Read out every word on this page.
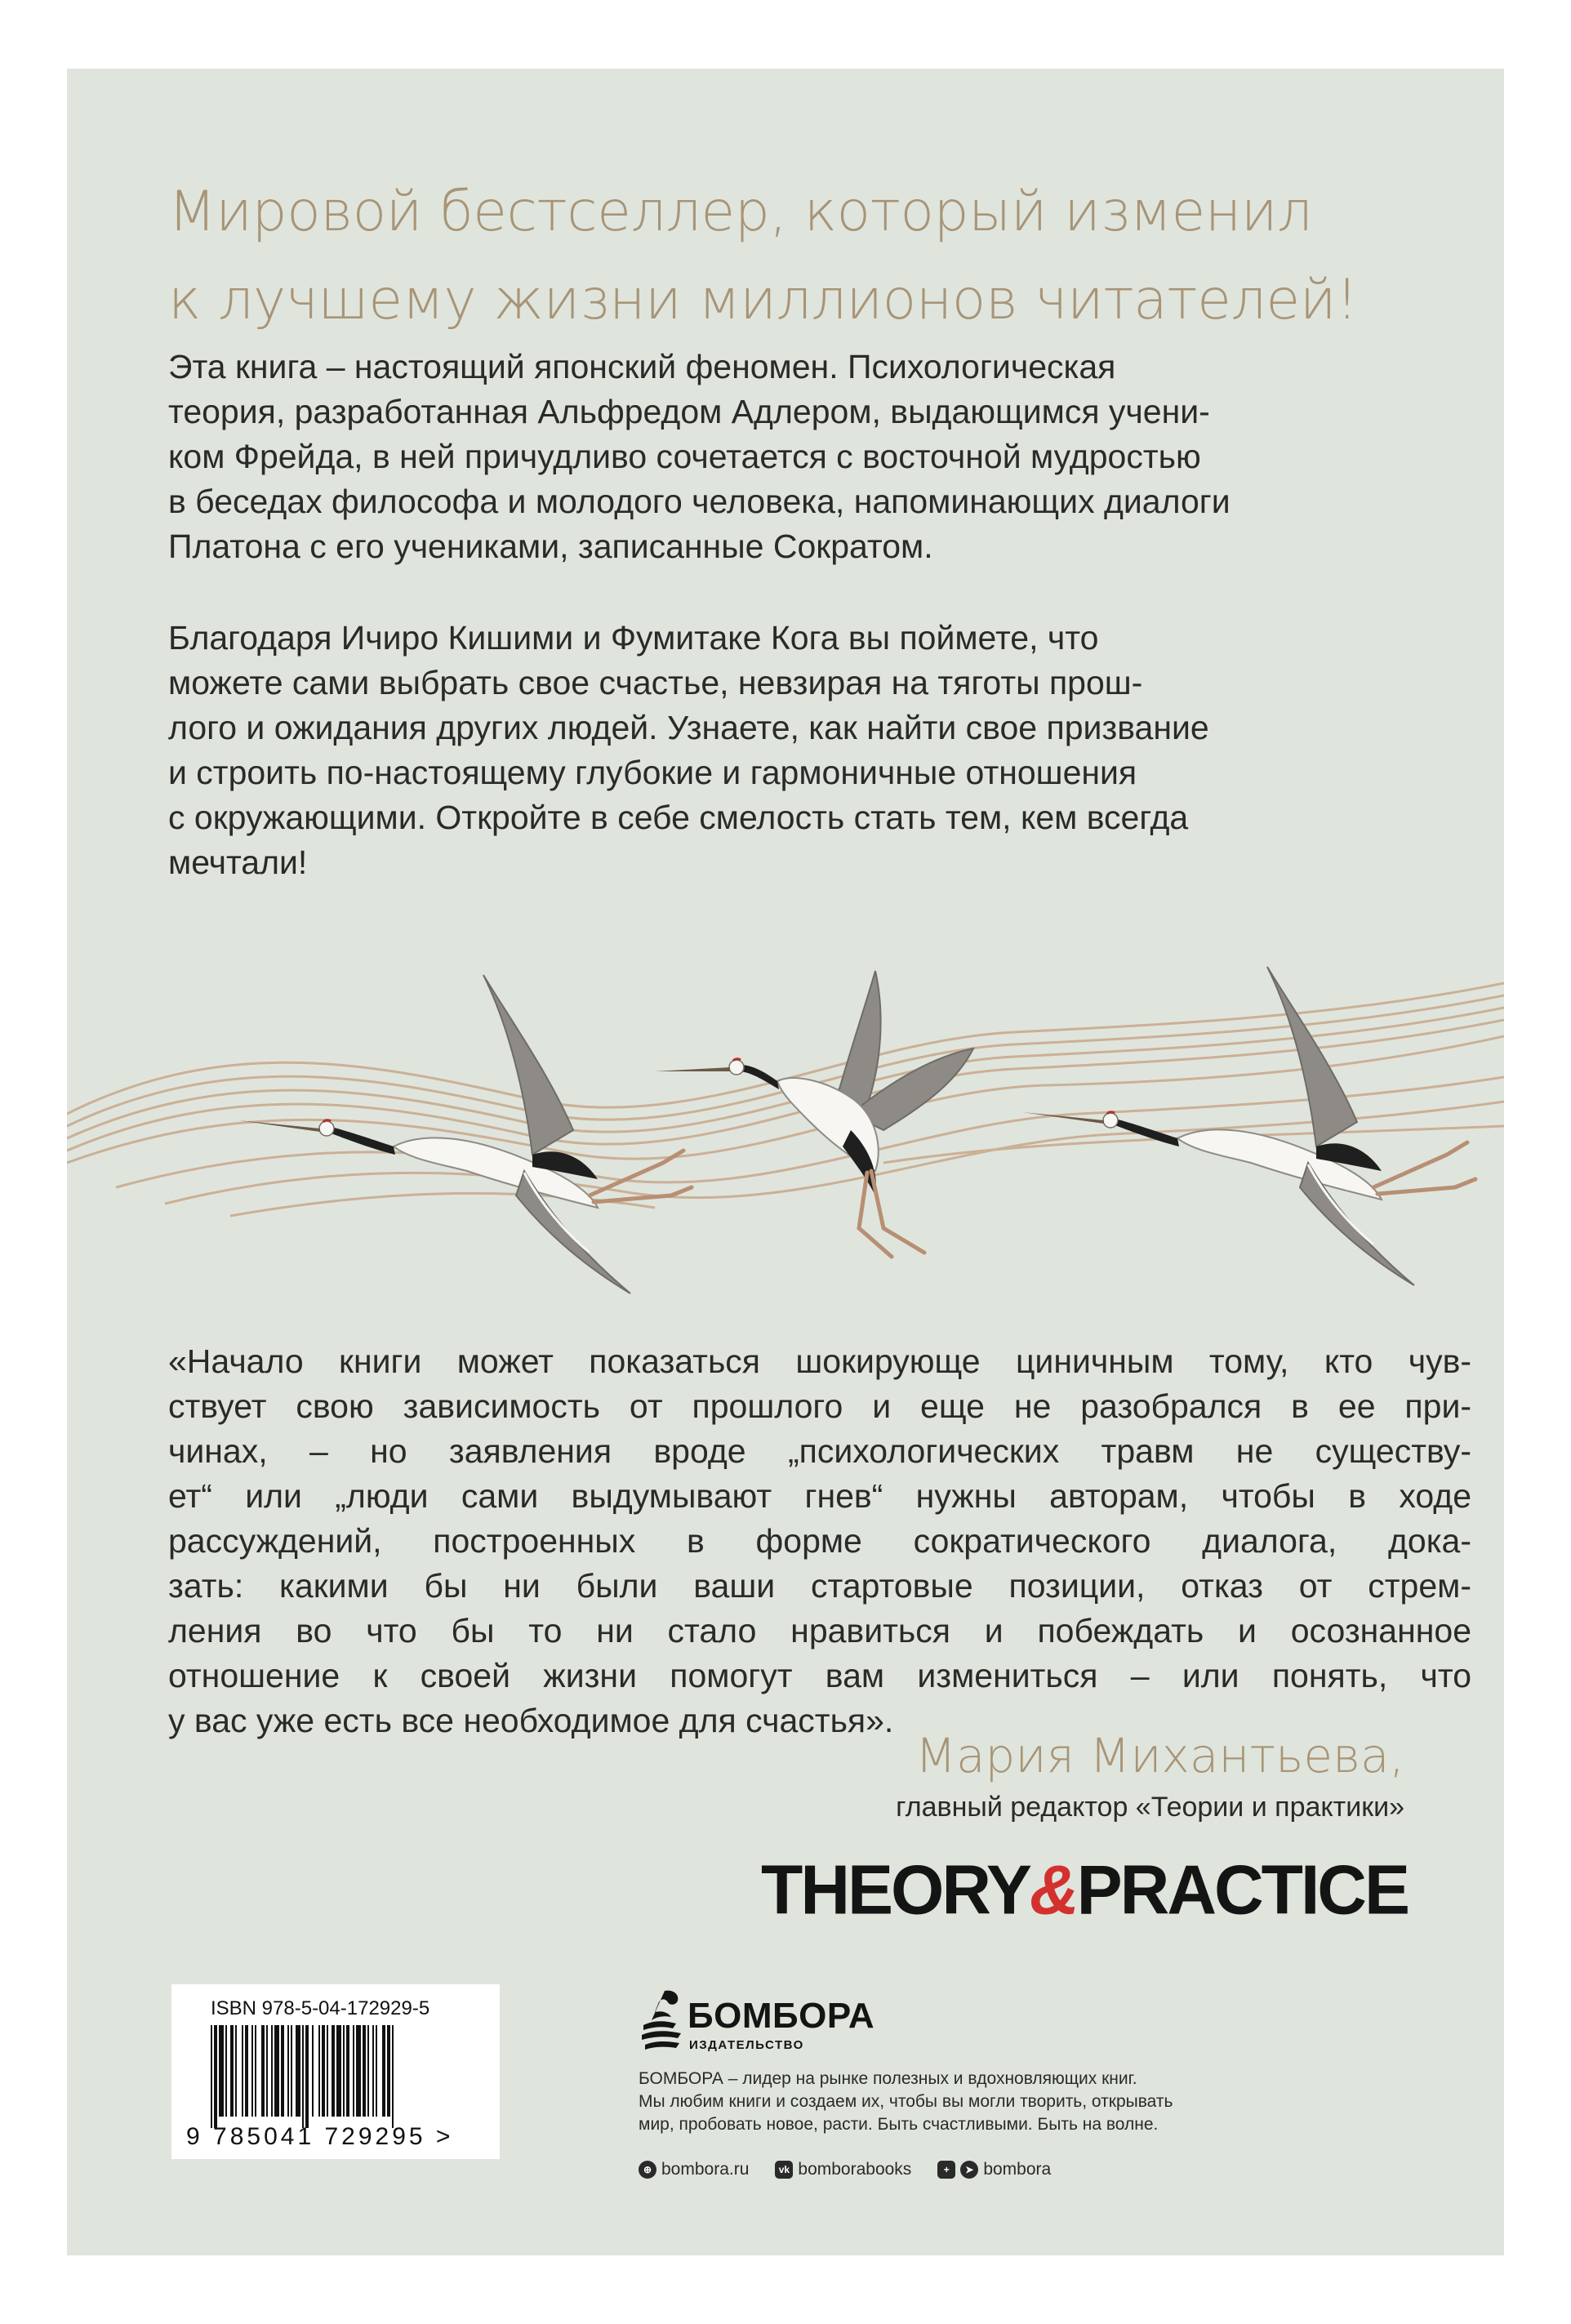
Мировой бестселлер, который изменил
к лучшему жизни миллионов читателей!
Эта книга – настоящий японский феномен. Психологическая
теория, разработанная Альфредом Адлером, выдающимся учени-
ком Фрейда, в ней причудливо сочетается с восточной мудростью
в беседах философа и молодого человека, напоминающих диалоги
Платона с его учениками, записанные Сократом.
Благодаря Ичиро Кишими и Фумитаке Кога вы поймете, что
можете сами выбрать свое счастье, невзирая на тяготы прош-
лого и ожидания других людей. Узнаете, как найти свое призвание
и строить по-настоящему глубокие и гармоничные отношения
с окружающими. Откройте в себе смелость стать тем, кем всегда
мечтали!
«Начало книги может показаться шокирующе циничным тому, кто чув-
ствует свою зависимость от прошлого и еще не разобрался в ее при-
чинах, – но заявления вроде „психологических травм не существу-
ет“ или „люди сами выдумывают гнев“ нужны авторам, чтобы в ходе
рассуждений, построенных в форме сократического диалога, дока-
зать: какими бы ни были ваши стартовые позиции, отказ от стрем-
ления во что бы то ни стало нравиться и побеждать и осознанное
отношение к своей жизни помогут вам измениться – или понять, что
у вас уже есть все необходимое для счастья».
Мария Михантьева,
главный редактор «Теории и практики»
THEORY&PRACTICE
ISBN 978-5-04-172929-5
9 785041 729295 >
БОМБОРА
ИЗДАТЕЛЬСТВО
БОМБОРА – лидер на рынке полезных и вдохновляющих книг.
Мы любим книги и создаем их, чтобы вы могли творить, открывать
мир, пробовать новое, расти. Быть счастливыми. Быть на волне.
⊕ bombora.ru	vk bomborabooks	+	➤ bombora
